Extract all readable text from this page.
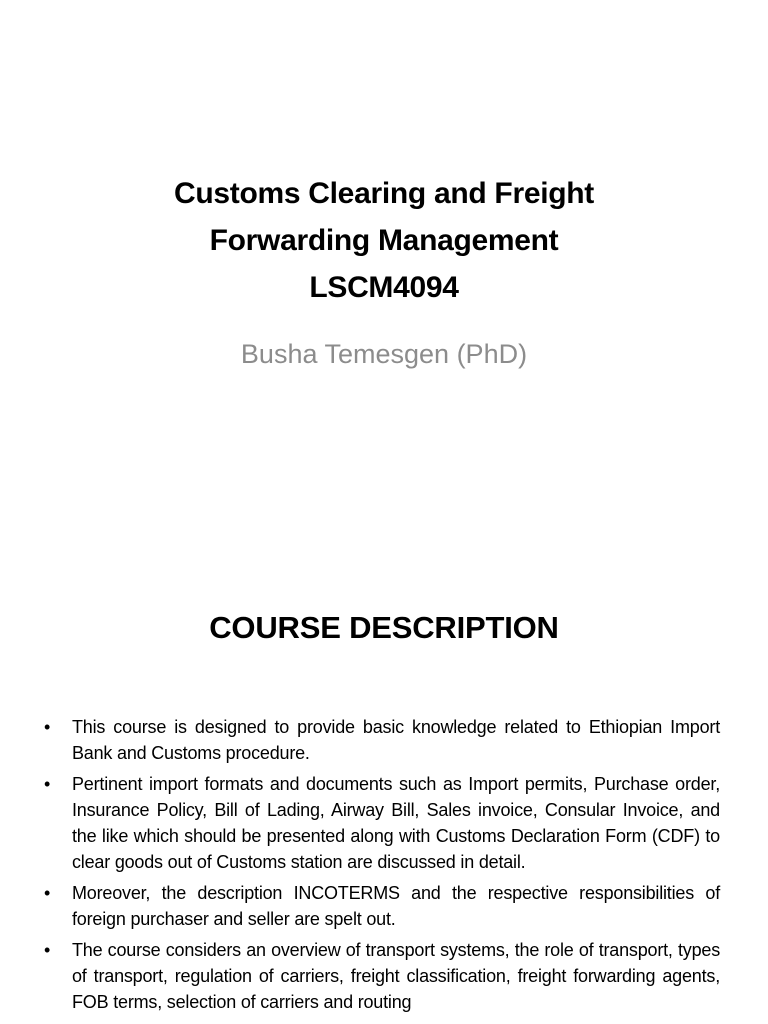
Customs Clearing and Freight
Forwarding Management
LSCM4094
Busha Temesgen (PhD)
COURSE DESCRIPTION
• This course is designed to provide basic knowledge related to Ethiopian Import Bank and Customs procedure.
• Pertinent import formats and documents such as Import permits, Purchase order, Insurance Policy, Bill of Lading, Airway Bill, Sales invoice, Consular Invoice, and the like which should be presented along with Customs Declaration Form (CDF) to clear goods out of Customs station are discussed in detail.
• Moreover, the description INCOTERMS and the respective responsibilities of foreign purchaser and seller are spelt out.
• The course considers an overview of transport systems, the role of transport, types of transport, regulation of carriers, freight classification, freight forwarding agents, FOB terms, selection of carriers and routing
